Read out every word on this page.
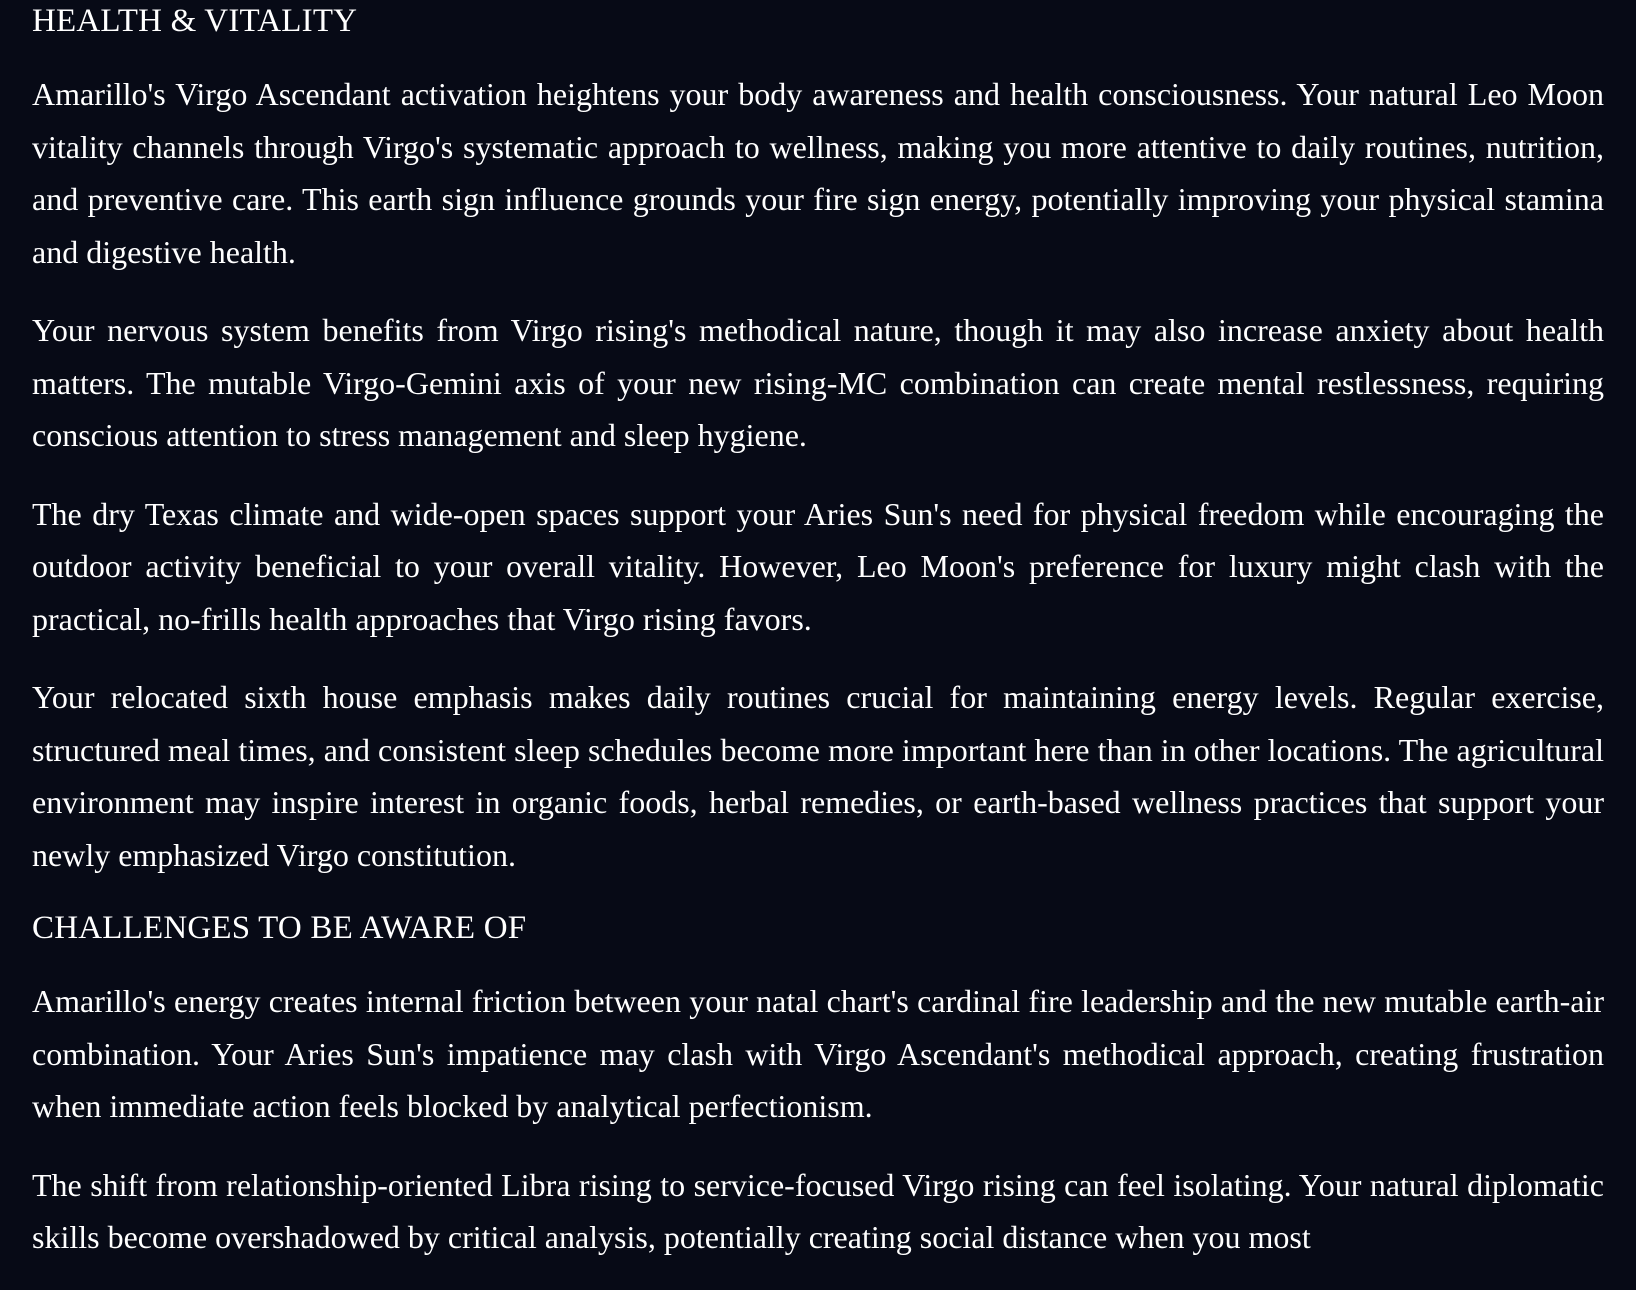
HEALTH & VITALITY

Amarillo's Virgo Ascendant activation heightens your body awareness and health consciousness. Your natural Leo Moon vitality channels through Virgo's systematic approach to wellness, making you more attentive to daily routines, nutrition, and preventive care. This earth sign influence grounds your fire sign energy, potentially improving your physical stamina and digestive health.

Your nervous system benefits from Virgo rising's methodical nature, though it may also increase anxiety about health matters. The mutable Virgo-Gemini axis of your new rising-MC combination can create mental restlessness, requiring conscious attention to stress management and sleep hygiene.

The dry Texas climate and wide-open spaces support your Aries Sun's need for physical freedom while encouraging the outdoor activity beneficial to your overall vitality. However, Leo Moon's preference for luxury might clash with the practical, no-frills health approaches that Virgo rising favors.

Your relocated sixth house emphasis makes daily routines crucial for maintaining energy levels. Regular exercise, structured meal times, and consistent sleep schedules become more important here than in other locations. The agricultural environment may inspire interest in organic foods, herbal remedies, or earth-based wellness practices that support your newly emphasized Virgo constitution.

CHALLENGES TO BE AWARE OF

Amarillo's energy creates internal friction between your natal chart's cardinal fire leadership and the new mutable earth-air combination. Your Aries Sun's impatience may clash with Virgo Ascendant's methodical approach, creating frustration when immediate action feels blocked by analytical perfectionism.

The shift from relationship-oriented Libra rising to service-focused Virgo rising can feel isolating. Your natural diplomatic skills become overshadowed by critical analysis, potentially creating social distance when you most
